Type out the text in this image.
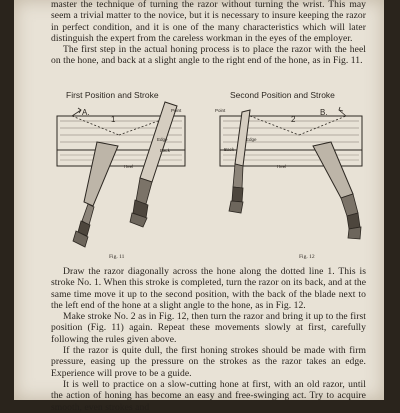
master the technique of turning the razor without turning the wrist. This may seem a trivial matter to the novice, but it is necessary to insure keeping the razor in perfect condition, and it is one of the many characteristics which will later distinguish the expert from the careless workman in the eyes of the employer.

The first step in the actual honing process is to place the razor with the heel on the hone, and back at a slight angle to the right end of the hone, as in Fig. 11.

First Position and Stroke	Second Position and Stroke
A.
1
Point
Edge
Back
Heel
B.
2
Point
Edge
Back
Heel
Fig. 11	Fig. 12

Draw the razor diagonally across the hone along the dotted line 1. This is stroke No. 1. When this stroke is completed, turn the razor on its back, and at the same time move it up to the second position, with the back of the blade next to the left end of the hone at a slight angle to the hone, as in Fig. 12.

Make stroke No. 2 as in Fig. 12, then turn the razor and bring it up to the first position (Fig. 11) again. Repeat these movements slowly at first, carefully following the rules given above.

If the razor is quite dull, the first honing strokes should be made with firm pressure, easing up the pressure on the strokes as the razor takes an edge. Experience will prove to be a guide.

It is well to practice on a slow-cutting hone at first, with an old razor, until the action of honing has become an easy and free-swinging act. Try to acquire smooth, even strokes and
